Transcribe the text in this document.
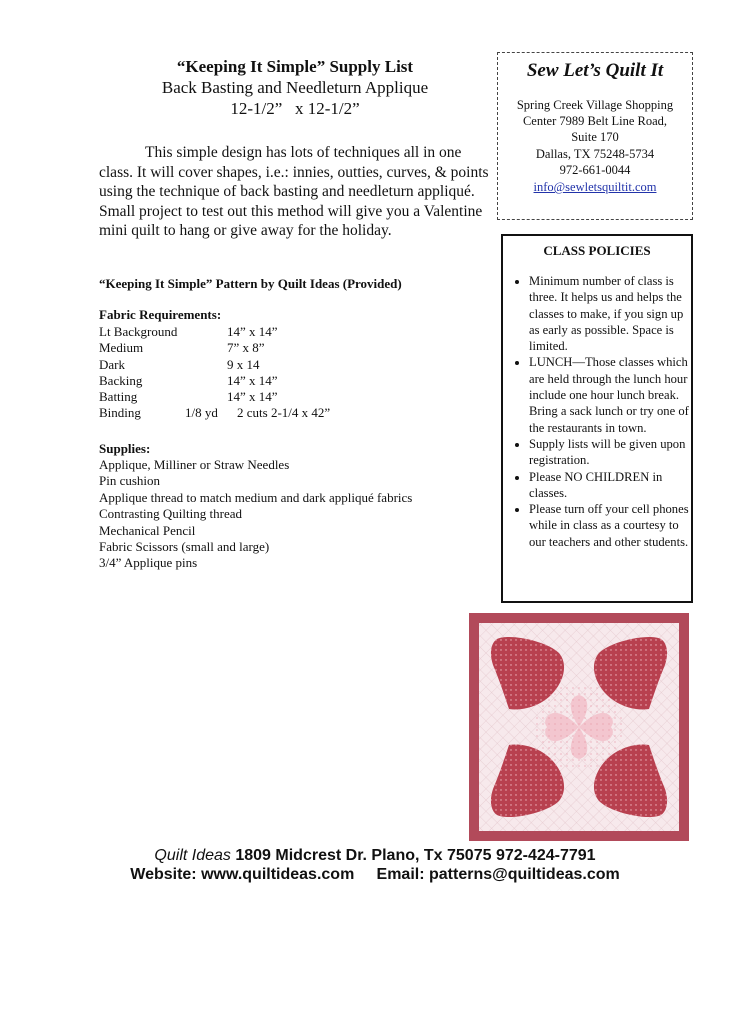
“Keeping It Simple” Supply List
Back Basting and Needleturn Applique
12-1/2”   x 12-1/2”
This simple design has lots of techniques all in one class. It will cover shapes, i.e.: innies, outties, curves, & points using the technique of back basting and needleturn appliqué. Small project to test out this method will give you a Valentine mini quilt to hang or give away for the holiday.
“Keeping It Simple” Pattern by Quilt Ideas (Provided)
Fabric Requirements:
Lt Background	14” x 14”
Medium	7” x 8”
Dark	9 x 14
Backing	14” x 14”
Batting	14” x 14”
Binding	1/8 yd 2 cuts 2-1/4 x 42”
Supplies:
Applique, Milliner or Straw Needles
Pin cushion
Applique thread to match medium and dark appliqué fabrics
Contrasting Quilting thread
Mechanical Pencil
Fabric Scissors (small and large)
3/4” Applique pins
Sew Let’s Quilt It
Spring Creek Village Shopping
Center 7989 Belt Line Road,
Suite 170
Dallas, TX 75248-5734
972-661-0044
info@sewletsquiltit.com
CLASS POLICIES
• Minimum number of class is three. It helps us and helps the classes to make, if you sign up as early as possible. Space is limited.
• LUNCH—Those classes which are held through the lunch hour include one hour lunch break. Bring a sack lunch or try one of the restaurants in town.
• Supply lists will be given upon registration.
• Please NO CHILDREN in classes.
• Please turn off your cell phones while in class as a courtesy to our teachers and other students.
Quilt Ideas 1809 Midcrest Dr. Plano, Tx 75075 972-424-7791
Website: www.quiltideas.com Email: patterns@quiltideas.com
